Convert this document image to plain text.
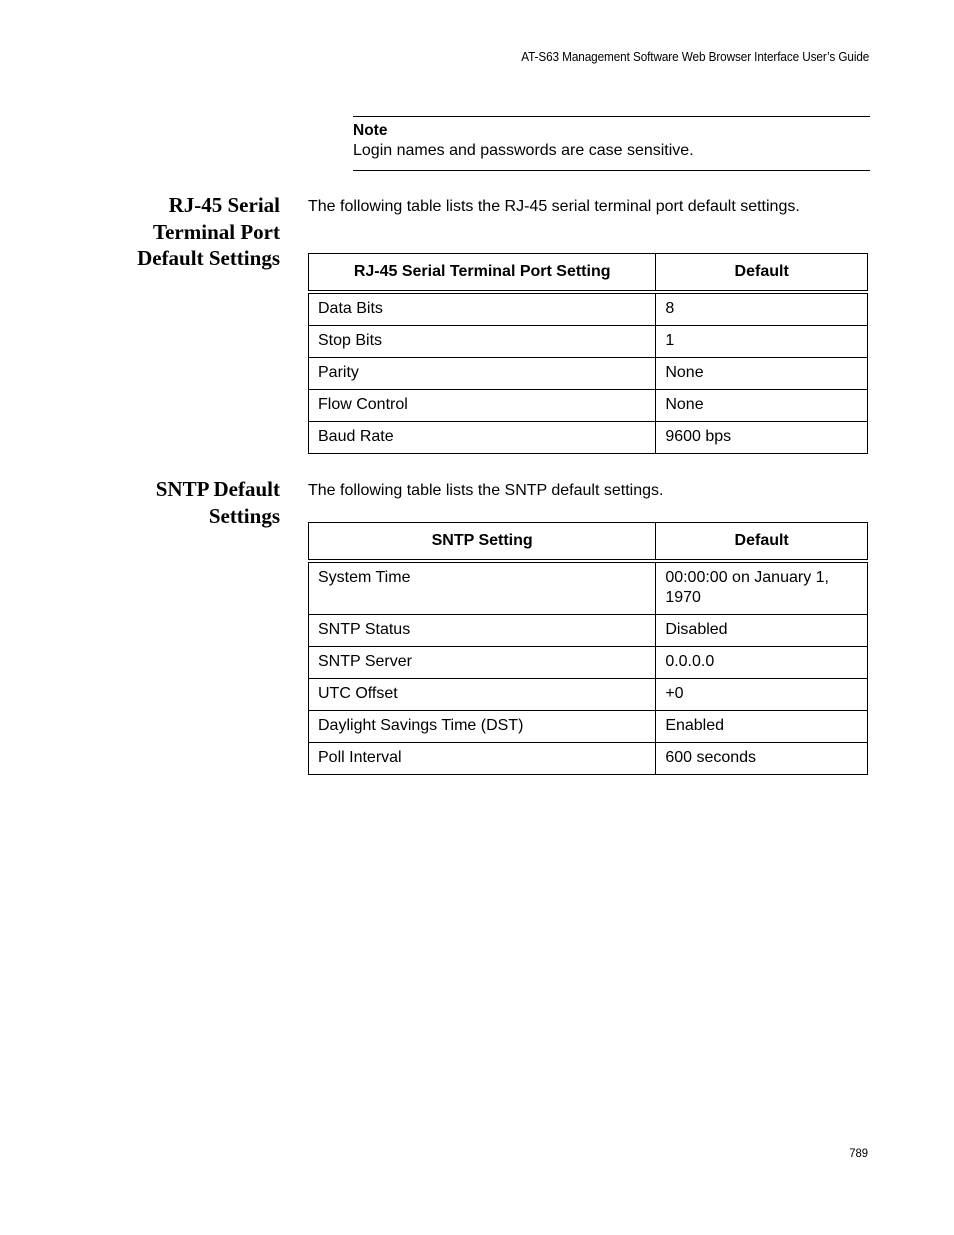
AT-S63 Management Software Web Browser Interface User’s Guide
Note
Login names and passwords are case sensitive.
RJ-45 Serial
Terminal Port
Default Settings
The following table lists the RJ-45 serial terminal port default settings.
RJ-45 Serial Terminal Port Setting	Default
Data Bits	8
Stop Bits	1
Parity	None
Flow Control	None
Baud Rate	9600 bps
SNTP Default
Settings
The following table lists the SNTP default settings.
SNTP Setting	Default
System Time	00:00:00 on January 1, 1970
SNTP Status	Disabled
SNTP Server	0.0.0.0
UTC Offset	+0
Daylight Savings Time (DST)	Enabled
Poll Interval	600 seconds
789
